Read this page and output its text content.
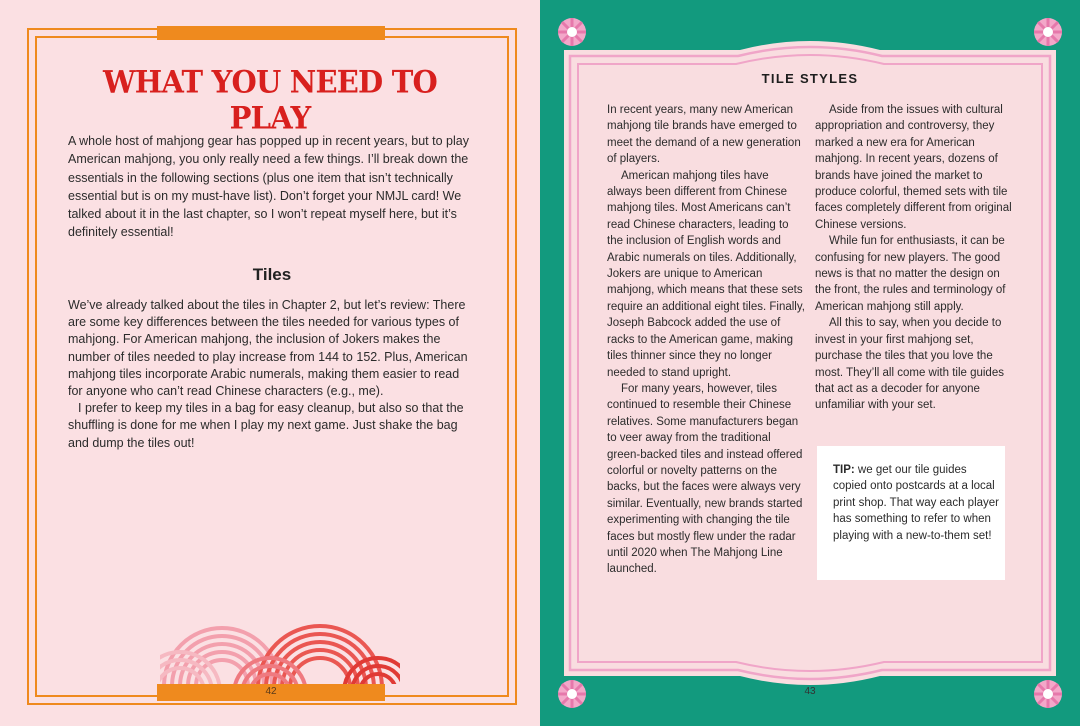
WHAT YOU NEED TO PLAY

A whole host of mahjong gear has popped up in recent years, but to play American mahjong, you only really need a few things. I’ll break down the essentials in the following sections (plus one item that isn’t technically essential but is on my must-have list). Don’t forget your NMJL card! We talked about it in the last chapter, so I won’t repeat myself here, but it’s definitely essential!

Tiles

We’ve already talked about the tiles in Chapter 2, but let’s review: There are some key differences between the tiles needed for various types of mahjong. For American mahjong, the inclusion of Jokers makes the number of tiles needed to play increase from 144 to 152. Plus, American mahjong tiles incorporate Arabic numerals, making them easier to read for anyone who can’t read Chinese characters (e.g., me).

I prefer to keep my tiles in a bag for easy cleanup, but also so that the shuffling is done for me when I play my next game. Just shake the bag and dump the tiles out!

42
TILE STYLES

In recent years, many new American mahjong tile brands have emerged to meet the demand of a new generation of players.

American mahjong tiles have always been different from Chinese mahjong tiles. Most Americans can’t read Chinese characters, leading to the inclusion of English words and Arabic numerals on tiles. Additionally, Jokers are unique to American mahjong, which means that these sets require an additional eight tiles. Finally, Joseph Babcock added the use of racks to the American game, making tiles thinner since they no longer needed to stand upright.

For many years, however, tiles continued to resemble their Chinese relatives. Some manufacturers began to veer away from the traditional green-backed tiles and instead offered colorful or novelty patterns on the backs, but the faces were always very similar. Eventually, new brands started experimenting with changing the tile faces but mostly flew under the radar until 2020 when The Mahjong Line launched.

Aside from the issues with cultural appropriation and controversy, they marked a new era for American mahjong. In recent years, dozens of brands have joined the market to produce colorful, themed sets with tile faces completely different from original Chinese versions.

While fun for enthusiasts, it can be confusing for new players. The good news is that no matter the design on the front, the rules and terminology of American mahjong still apply.

All this to say, when you decide to invest in your first mahjong set, purchase the tiles that you love the most. They’ll all come with tile guides that act as a decoder for anyone unfamiliar with your set.

TIP: we get our tile guides copied onto postcards at a local print shop. That way each player has something to refer to when playing with a new-to-them set!

43
